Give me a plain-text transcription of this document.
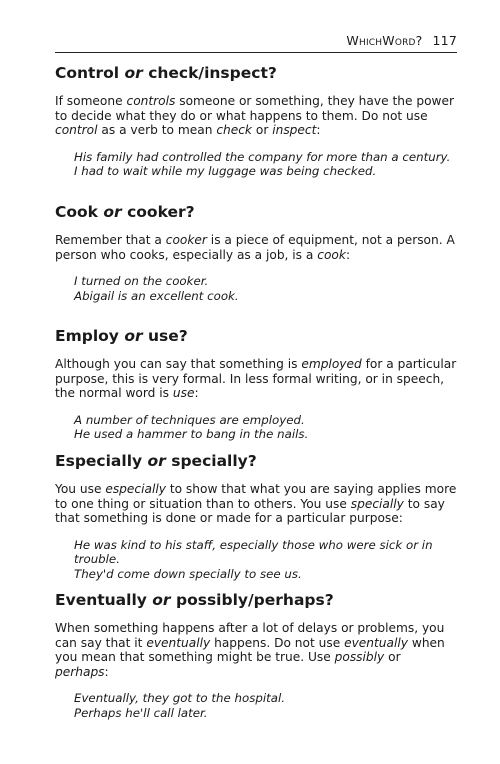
WhichWord? 117
Control or check/inspect?

If someone controls someone or something, they have the power to decide what they do or what happens to them. Do not use control as a verb to mean check or inspect:

His family had controlled the company for more than a century.
I had to wait while my luggage was being checked.
Cook or cooker?

Remember that a cooker is a piece of equipment, not a person. A person who cooks, especially as a job, is a cook:

I turned on the cooker.
Abigail is an excellent cook.
Employ or use?

Although you can say that something is employed for a particular purpose, this is very formal. In less formal writing, or in speech, the normal word is use:

A number of techniques are employed.
He used a hammer to bang in the nails.
Especially or specially?

You use especially to show that what you are saying applies more to one thing or situation than to others. You use specially to say that something is done or made for a particular purpose:

He was kind to his staff, especially those who were sick or in trouble.
They'd come down specially to see us.
Eventually or possibly/perhaps?

When something happens after a lot of delays or problems, you can say that it eventually happens. Do not use eventually when you mean that something might be true. Use possibly or perhaps:

Eventually, they got to the hospital.
Perhaps he'll call later.
